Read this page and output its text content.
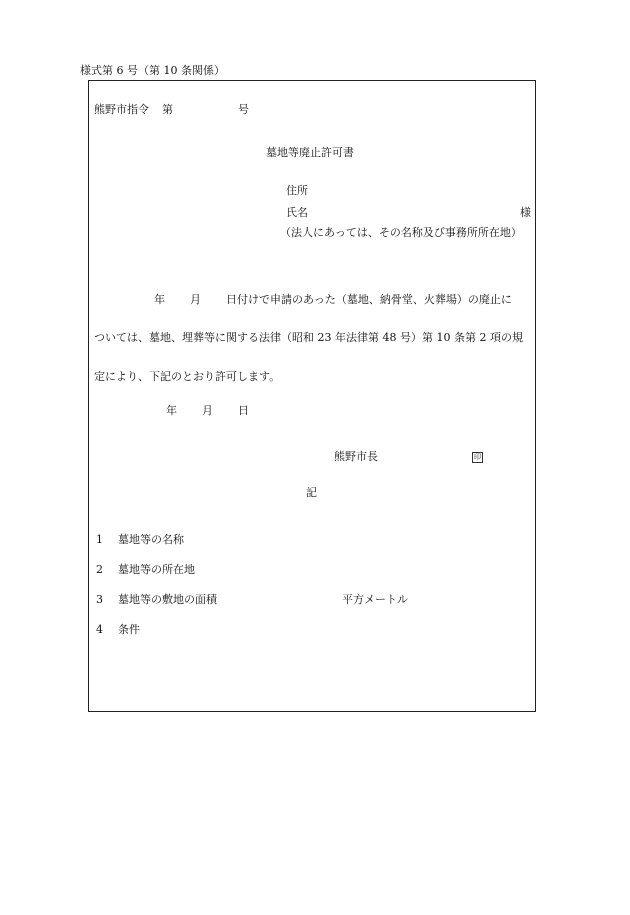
様式第 6 号（第 10 条関係）
熊野市指令 第	号
墓地等廃止許可書
住所
氏名	様
（法人にあっては、その名称及び事務所所在地）
年 月 日付けで申請のあった（墓地、納骨堂、火葬場）の廃止に
ついては、墓地、埋葬等に関する法律（昭和 23 年法律第 48 号）第 10 条第 2 項の規
定により、下記のとおり許可します。
年 月 日
熊野市長	印
記
1 墓地等の名称
2 墓地等の所在地
3 墓地等の敷地の面積	平方メートル
4 条件
